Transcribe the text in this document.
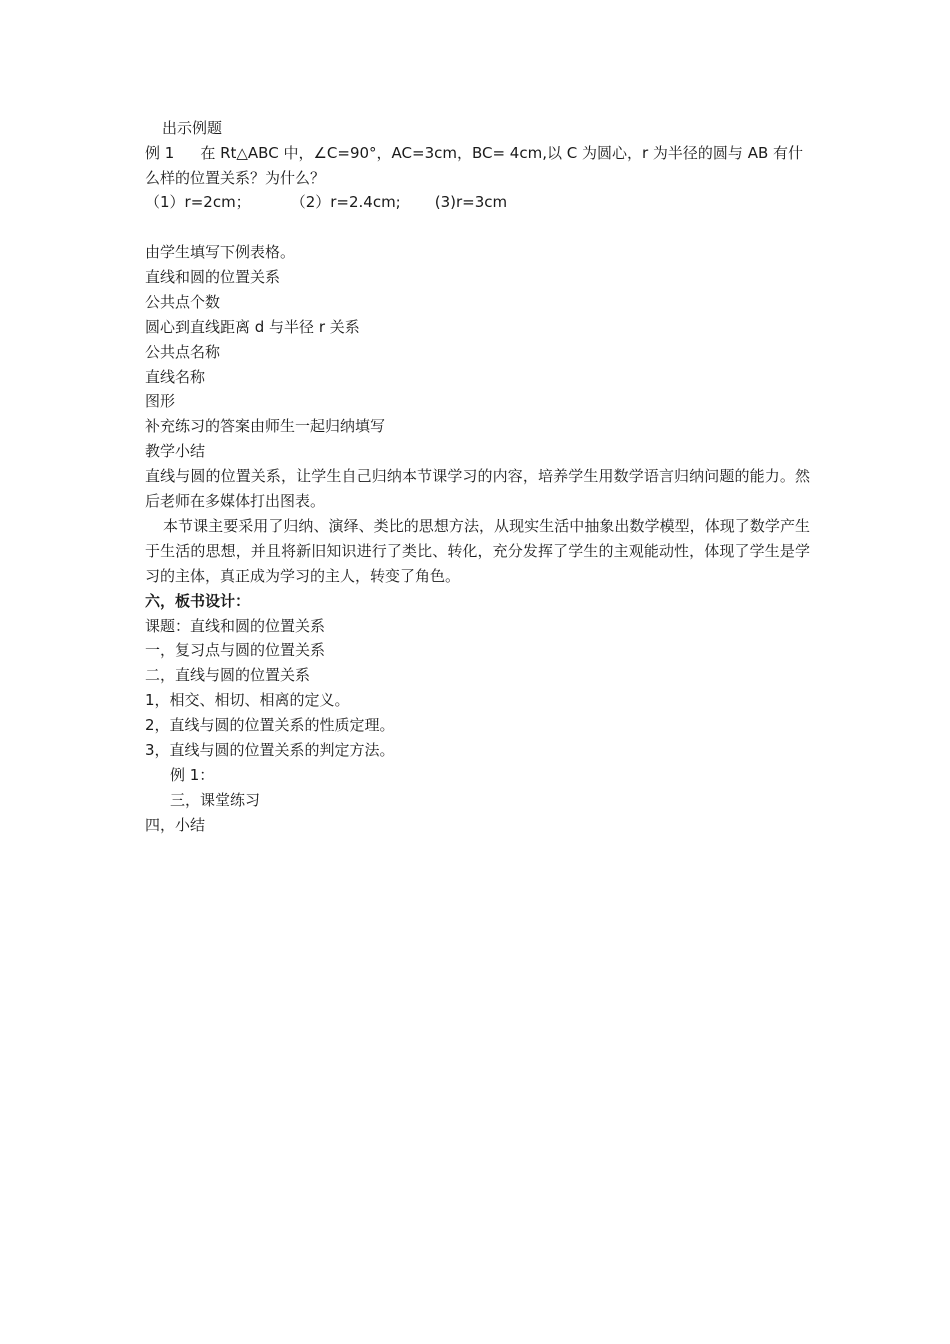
出示例题
例 1 在 Rt△ABC 中，∠C=90°，AC=3cm，BC= 4cm,以 C 为圆心，r 为半径的圆与 AB 有什
么样的位置关系？为什么？
（1）r=2cm；	（2）r=2.4cm; (3)r=3cm
由学生填写下例表格。
直线和圆的位置关系
公共点个数
圆心到直线距离 d 与半径 r 关系
公共点名称
直线名称
图形
补充练习的答案由师生一起归纳填写
教学小结
直线与圆的位置关系，让学生自己归纳本节课学习的内容，培养学生用数学语言归纳问题的能力。然后老师在多媒体打出图表。
本节课主要采用了归纳、演绎、类比的思想方法，从现实生活中抽象出数学模型，体现了数学产生于生活的思想，并且将新旧知识进行了类比、转化，充分发挥了学生的主观能动性，体现了学生是学习的主体，真正成为学习的主人，转变了角色。
六，板书设计：
课题：直线和圆的位置关系
一，复习点与圆的位置关系
二，直线与圆的位置关系
1，相交、相切、相离的定义。
2，直线与圆的位置关系的性质定理。
3，直线与圆的位置关系的判定方法。
例 1：
三，课堂练习
四，小结
